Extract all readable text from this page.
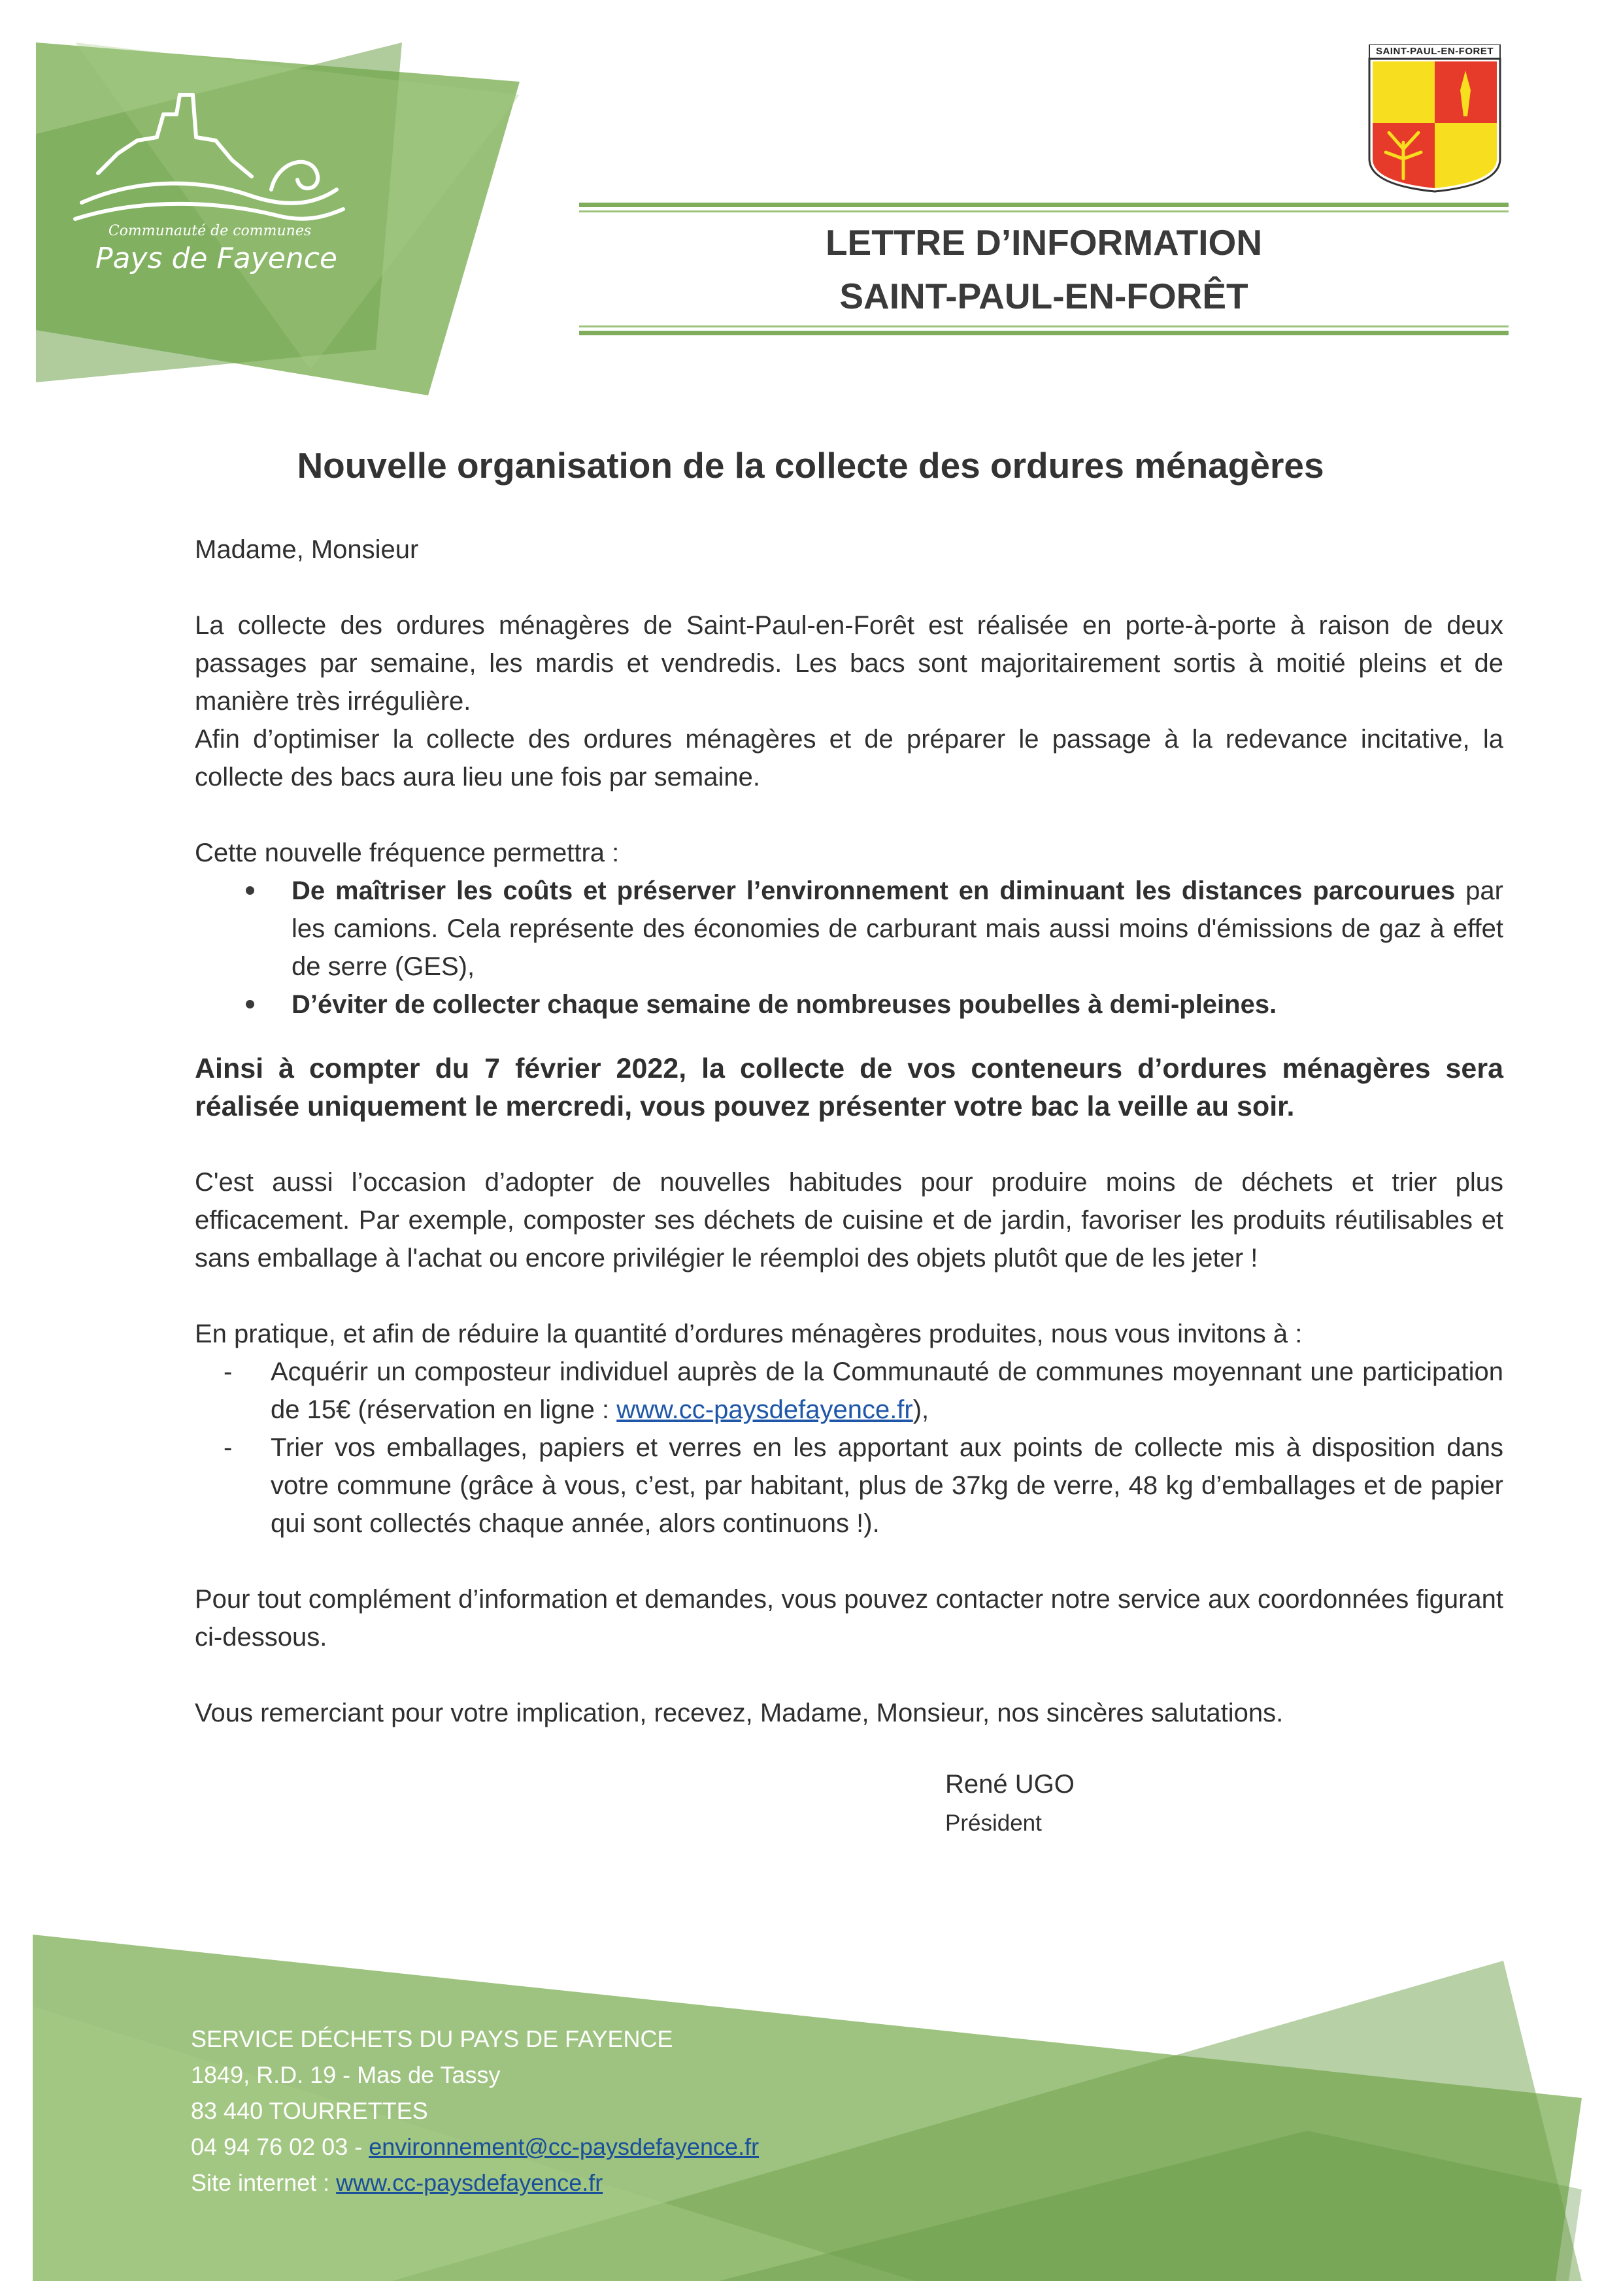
Communauté de communes
Pays de Fayence
SAINT-PAUL-EN-FORET
LETTRE D’INFORMATION
SAINT-PAUL-EN-FORÊT
Nouvelle organisation de la collecte des ordures ménagères

Madame, Monsieur

La collecte des ordures ménagères de Saint-Paul-en-Forêt est réalisée en porte-à-porte à raison de deux passages par semaine, les mardis et vendredis. Les bacs sont majoritairement sortis à moitié pleins et de manière très irrégulière.

Afin d’optimiser la collecte des ordures ménagères et de préparer le passage à la redevance incitative, la collecte des bacs aura lieu une fois par semaine.

Cette nouvelle fréquence permettra :

De maîtriser les coûts et préserver l’environnement en diminuant les distances parcourues par les camions. Cela représente des économies de carburant mais aussi moins d'émissions de gaz à effet de serre (GES),
D’éviter de collecter chaque semaine de nombreuses poubelles à demi-pleines.

Ainsi à compter du 7 février 2022, la collecte de vos conteneurs d’ordures ménagères sera réalisée uniquement le mercredi, vous pouvez présenter votre bac la veille au soir.

C'est aussi l’occasion d’adopter de nouvelles habitudes pour produire moins de déchets et trier plus efficacement. Par exemple, composter ses déchets de cuisine et de jardin, favoriser les produits réutilisables et sans emballage à l'achat ou encore privilégier le réemploi des objets plutôt que de les jeter !

En pratique, et afin de réduire la quantité d’ordures ménagères produites, nous vous invitons à :

- Acquérir un composteur individuel auprès de la Communauté de communes moyennant une participation de 15€ (réservation en ligne : www.cc-paysdefayence.fr),
- Trier vos emballages, papiers et verres en les apportant aux points de collecte mis à disposition dans votre commune (grâce à vous, c’est, par habitant, plus de 37kg de verre, 48 kg d’emballages et de papier qui sont collectés chaque année, alors continuons !).

Pour tout complément d’information et demandes, vous pouvez contacter notre service aux coordonnées figurant ci-dessous.

Vous remerciant pour votre implication, recevez, Madame, Monsieur, nos sincères salutations.

René UGO
Président
SERVICE DÉCHETS DU PAYS DE FAYENCE
1849, R.D. 19 - Mas de Tassy
83 440 TOURRETTES
04 94 76 02 03 - environnement@cc-paysdefayence.fr
Site internet : www.cc-paysdefayence.fr
